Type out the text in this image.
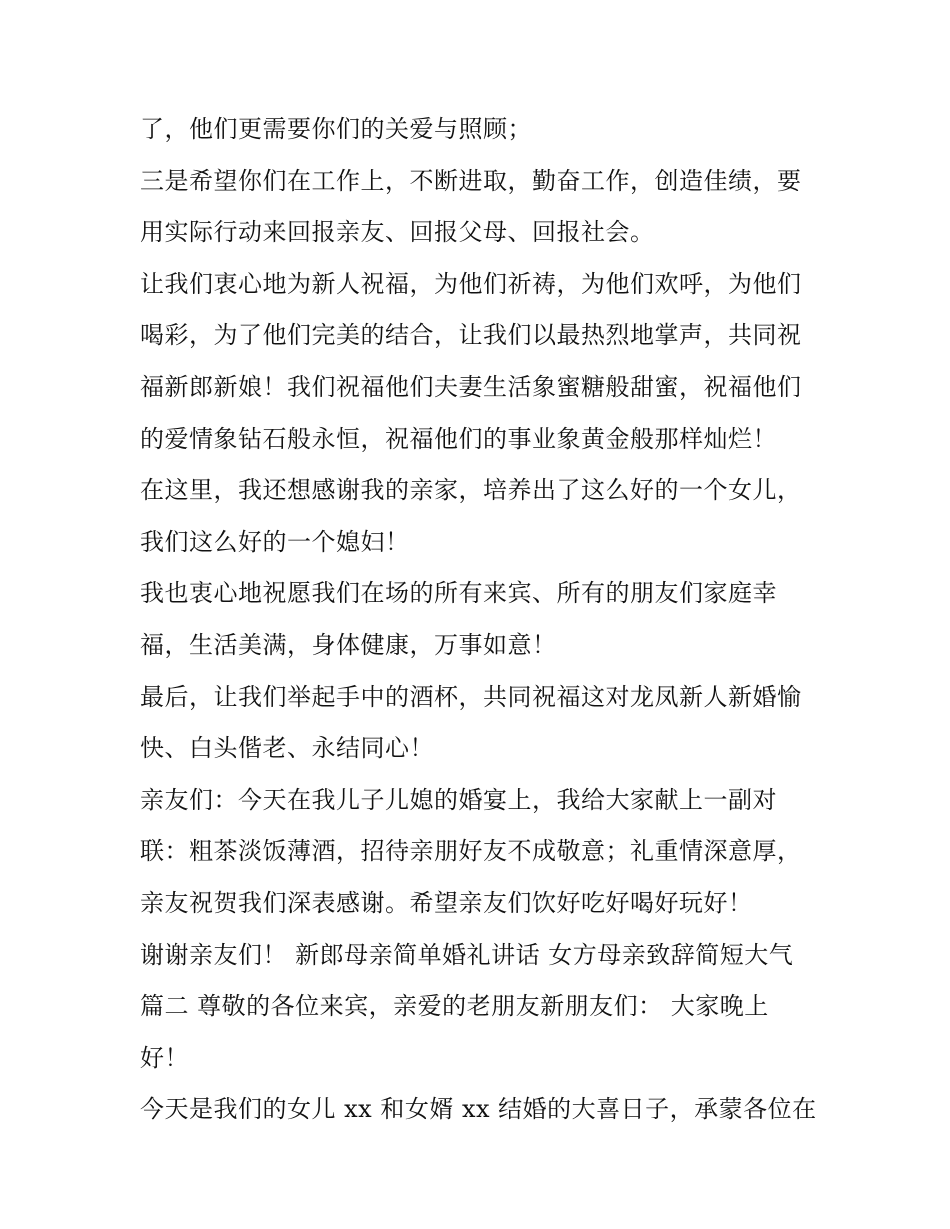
了，他们更需要你们的关爱与照顾；
三是希望你们在工作上，不断进取，勤奋工作，创造佳绩，要
用实际行动来回报亲友、回报父母、回报社会。
让我们衷心地为新人祝福，为他们祈祷，为他们欢呼，为他们
喝彩，为了他们完美的结合，让我们以最热烈地掌声，共同祝
福新郎新娘！我们祝福他们夫妻生活象蜜糖般甜蜜，祝福他们
的爱情象钻石般永恒，祝福他们的事业象黄金般那样灿烂！
在这里，我还想感谢我的亲家，培养出了这么好的一个女儿，
我们这么好的一个媳妇！
我也衷心地祝愿我们在场的所有来宾、所有的朋友们家庭幸
福，生活美满，身体健康，万事如意！
最后，让我们举起手中的酒杯，共同祝福这对龙凤新人新婚愉
快、白头偕老、永结同心！
亲友们：今天在我儿子儿媳的婚宴上，我给大家献上一副对
联：粗茶淡饭薄酒，招待亲朋好友不成敬意；礼重情深意厚，
亲友祝贺我们深表感谢。希望亲友们饮好吃好喝好玩好！
谢谢亲友们！ 新郎母亲简单婚礼讲话 女方母亲致辞简短大气
篇二 尊敬的各位来宾，亲爱的老朋友新朋友们： 大家晚上
好！
今天是我们的女儿 xx 和女婿 xx 结婚的大喜日子，承蒙各位在
